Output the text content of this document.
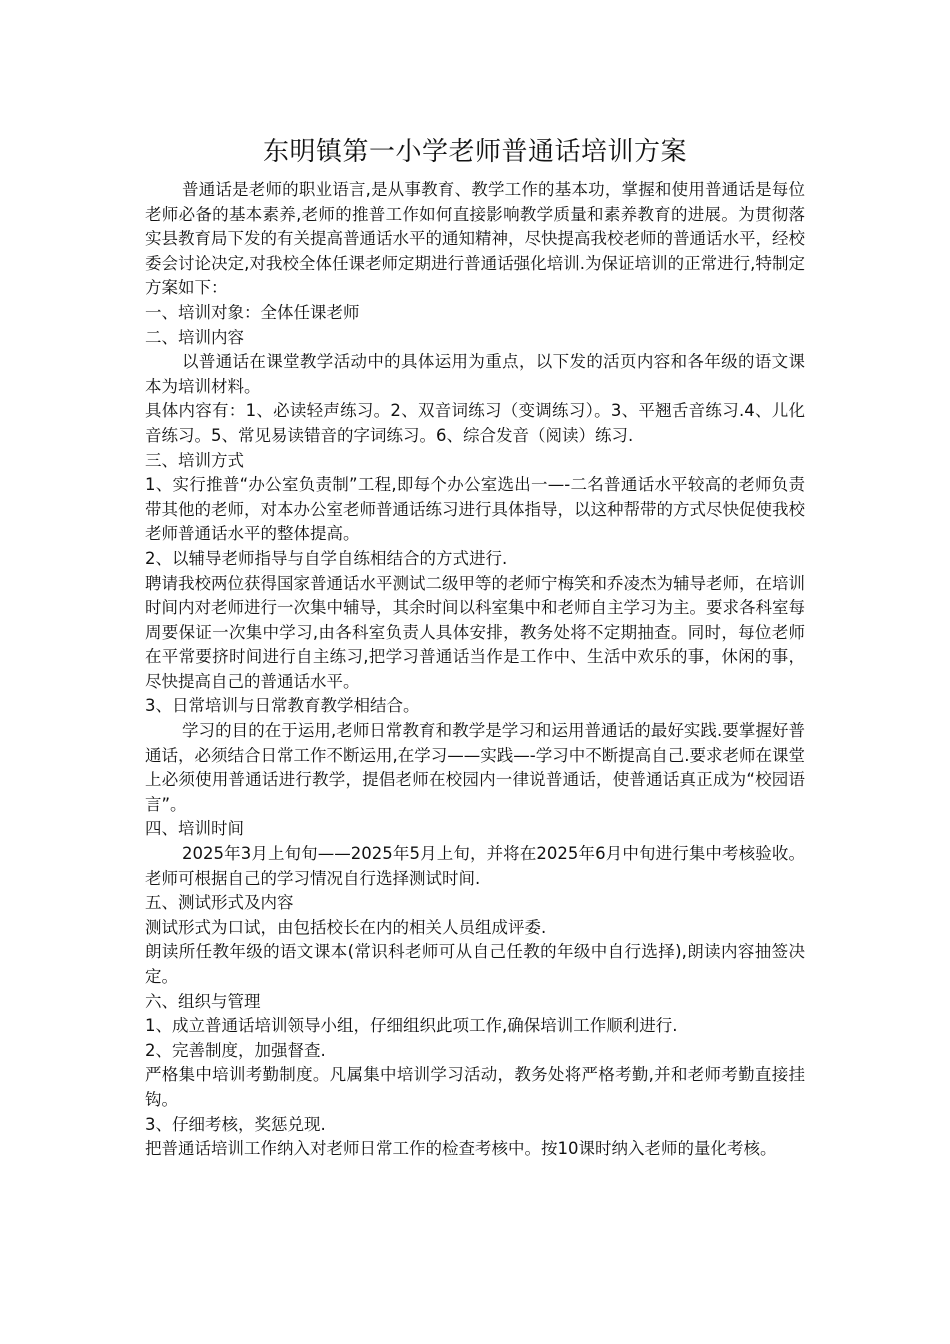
东明镇第一小学老师普通话培训方案

普通话是老师的职业语言,是从事教育、教学工作的基本功，掌握和使用普通话是每位老师必备的基本素养,老师的推普工作如何直接影响教学质量和素养教育的进展。为贯彻落实县教育局下发的有关提高普通话水平的通知精神，尽快提高我校老师的普通话水平，经校委会讨论决定,对我校全体任课老师定期进行普通话强化培训.为保证培训的正常进行,特制定方案如下：

一、培训对象：全体任课老师

二、培训内容

以普通话在课堂教学活动中的具体运用为重点，以下发的活页内容和各年级的语文课本为培训材料。

具体内容有：1、必读轻声练习。2、双音词练习（变调练习）。3、平翘舌音练习.4、儿化音练习。5、常见易读错音的字词练习。6、综合发音（阅读）练习.

三、培训方式

1、实行推普“办公室负责制”工程,即每个办公室选出一—-二名普通话水平较高的老师负责带其他的老师，对本办公室老师普通话练习进行具体指导，以这种帮带的方式尽快促使我校老师普通话水平的整体提高。

2、以辅导老师指导与自学自练相结合的方式进行.

聘请我校两位获得国家普通话水平测试二级甲等的老师宁梅笑和乔凌杰为辅导老师，在培训时间内对老师进行一次集中辅导，其余时间以科室集中和老师自主学习为主。要求各科室每周要保证一次集中学习,由各科室负责人具体安排，教务处将不定期抽查。同时，每位老师在平常要挤时间进行自主练习,把学习普通话当作是工作中、生活中欢乐的事，休闲的事，尽快提高自己的普通话水平。

3、日常培训与日常教育教学相结合。

学习的目的在于运用,老师日常教育和教学是学习和运用普通话的最好实践.要掌握好普通话，必须结合日常工作不断运用,在学习——实践—-学习中不断提高自己.要求老师在课堂上必须使用普通话进行教学，提倡老师在校园内一律说普通话，使普通话真正成为“校园语言”。

四、培训时间

2025年3月上旬旬——2025年5月上旬，并将在2025年6月中旬进行集中考核验收。老师可根据自己的学习情况自行选择测试时间.

五、测试形式及内容

测试形式为口试，由包括校长在内的相关人员组成评委.

朗读所任教年级的语文课本(常识科老师可从自己任教的年级中自行选择),朗读内容抽签决定。

六、组织与管理

1、成立普通话培训领导小组，仔细组织此项工作,确保培训工作顺利进行.

2、完善制度，加强督查.

严格集中培训考勤制度。凡属集中培训学习活动，教务处将严格考勤,并和老师考勤直接挂钩。

3、仔细考核，奖惩兑现.

把普通话培训工作纳入对老师日常工作的检查考核中。按10课时纳入老师的量化考核。
